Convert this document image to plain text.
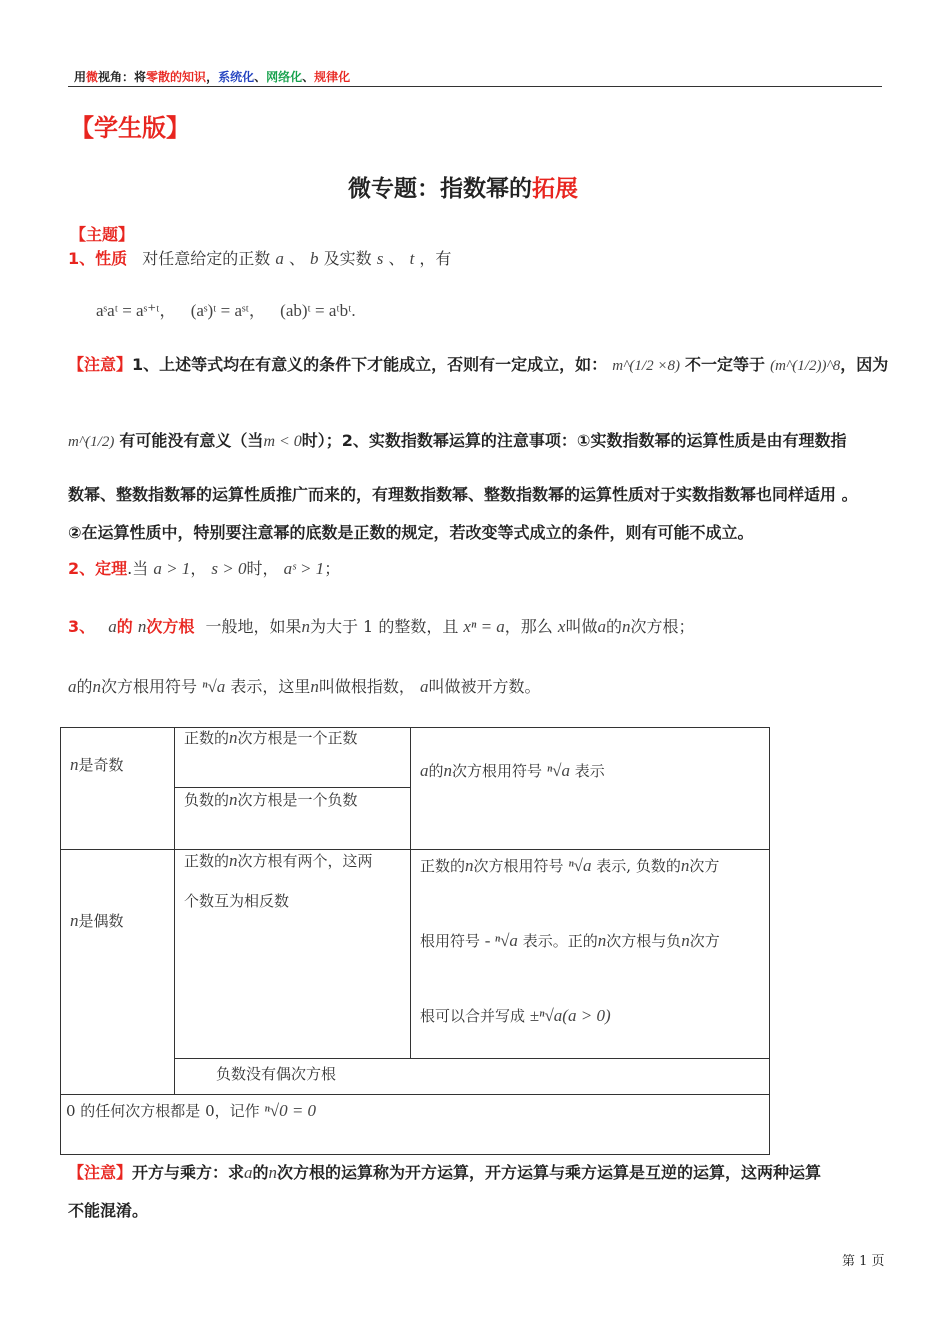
用微视角：将零散的知识，系统化、网络化、规律化
【学生版】
微专题：指数幂的拓展
【主题】
1、性质 对任意给定的正数 a 、 b 及实数 s 、 t ，有
aˢaᵗ = aˢ⁺ᵗ， (aˢ)ᵗ = aˢᵗ， (ab)ᵗ = aᵗbᵗ.
【注意】1、上述等式均在有意义的条件下才能成立，否则有一定成立，如： m^(1/2 ×8) 不一定等于 (m^(1/2))^8，因为
m^(1/2) 有可能没有意义（当m < 0时）；2、实数指数幂运算的注意事项：①实数指数幂的运算性质是由有理数指
数幂、整数指数幂的运算性质推广而来的，有理数指数幂、整数指数幂的运算性质对于实数指数幂也同样适用 。
②在运算性质中，特别要注意幂的底数是正数的规定，若改变等式成立的条件，则有可能不成立。
2、定理.当 a > 1， s > 0时， aˢ > 1；
3、 a的 n次方根 一般地，如果n为大于 1 的整数，且 xⁿ = a，那么 x叫做a的n次方根；
a的n次方根用符号 ⁿ√a 表示，这里n叫做根指数， a叫做被开方数。
n是奇数
正数的n次方根是一个正数
负数的n次方根是一个负数
a的n次方根用符号 ⁿ√a 表示
n是偶数
正数的n次方根有两个，这两
个数互为相反数
正数的n次方根用符号 ⁿ√a 表示, 负数的n次方
根用符号 - ⁿ√a 表示。正的n次方根与负n次方
根可以合并写成 ±ⁿ√a(a > 0)
负数没有偶次方根
0 的任何次方根都是 0，记作 ⁿ√0 = 0
【注意】开方与乘方：求a的n次方根的运算称为开方运算，开方运算与乘方运算是互逆的运算，这两种运算
不能混淆。
第 1 页
